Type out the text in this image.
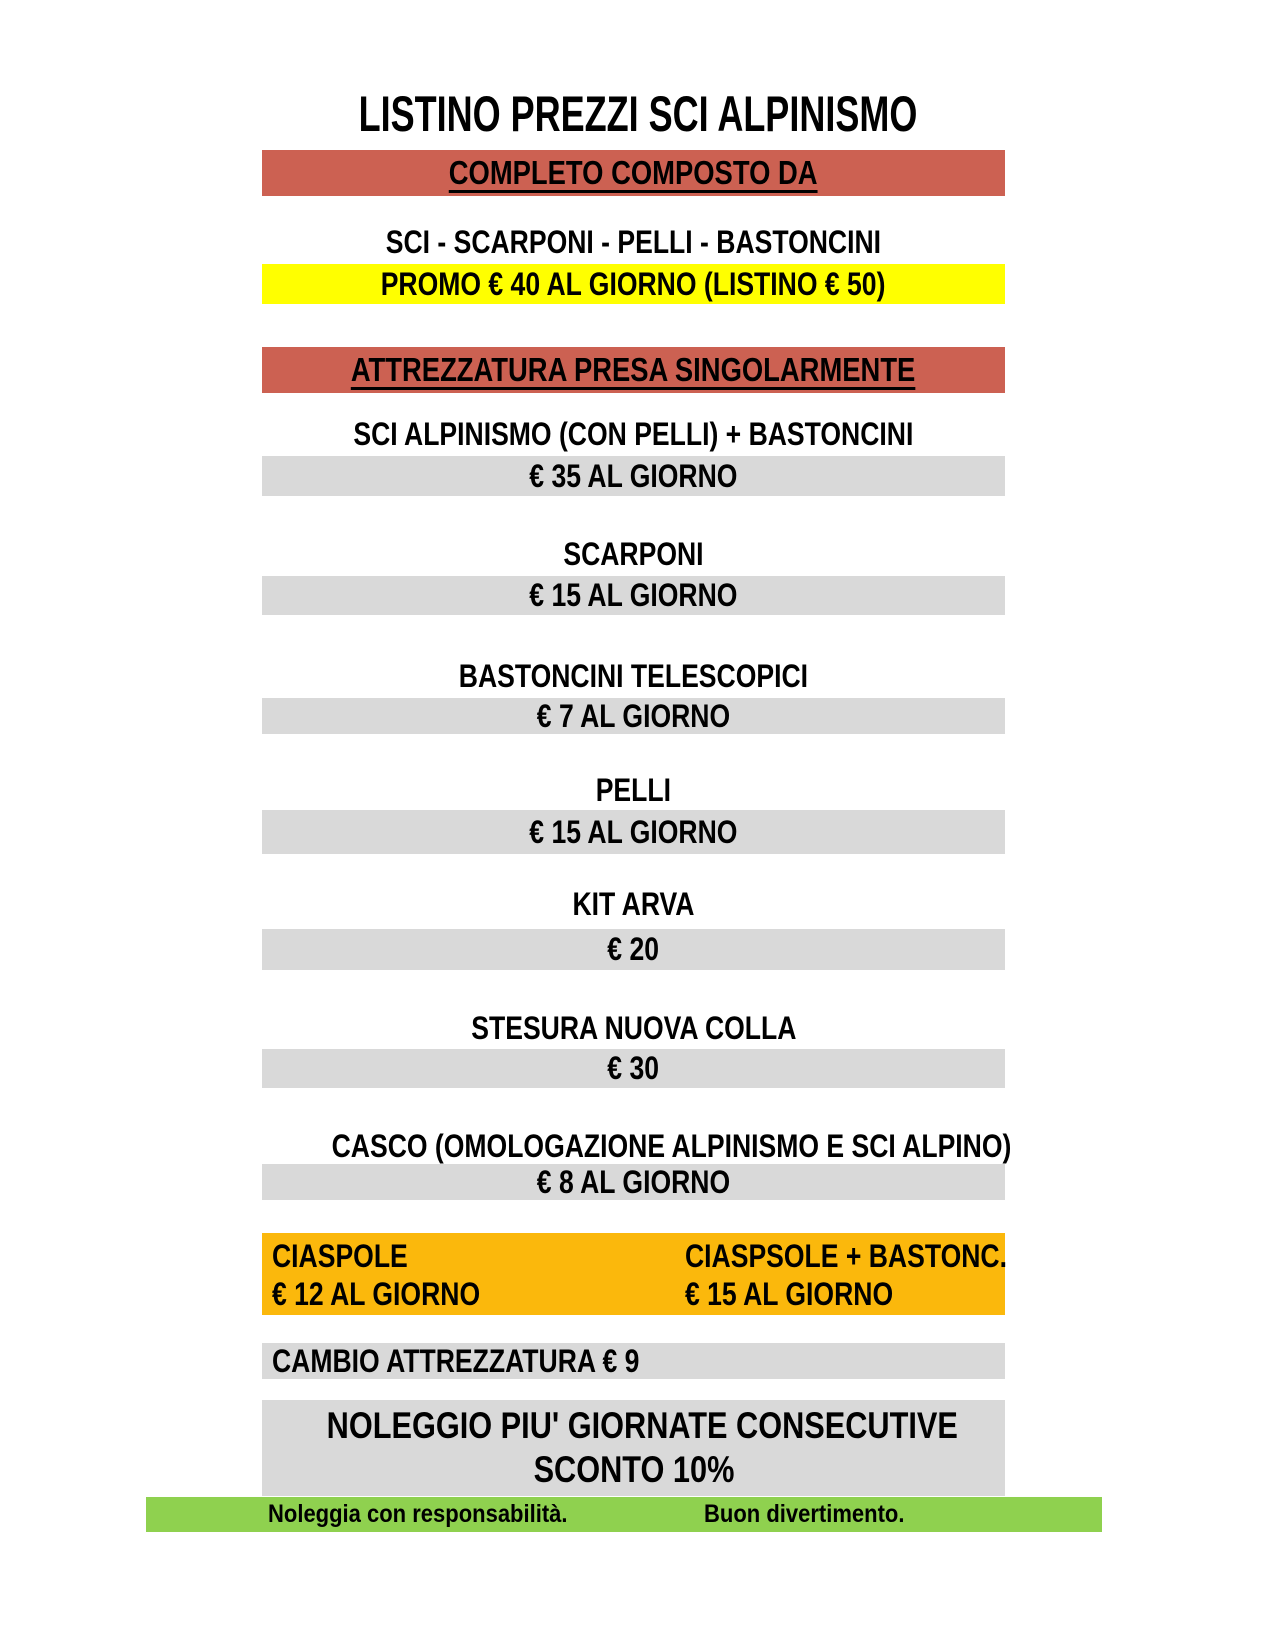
LISTINO PREZZI SCI ALPINISMO
COMPLETO COMPOSTO DA
SCI - SCARPONI - PELLI - BASTONCINI
PROMO € 40 AL GIORNO (LISTINO € 50)
ATTREZZATURA PRESA SINGOLARMENTE
SCI ALPINISMO (CON PELLI) + BASTONCINI
€ 35 AL GIORNO
SCARPONI
€ 15 AL GIORNO
BASTONCINI TELESCOPICI
€ 7 AL GIORNO
PELLI
€ 15 AL GIORNO
KIT ARVA
€ 20
STESURA NUOVA COLLA
€ 30
CASCO (OMOLOGAZIONE ALPINISMO E SCI ALPINO)
€ 8 AL GIORNO
CIASPOLE
€ 12 AL GIORNO
CIASPSOLE + BASTONC.
€ 15 AL GIORNO
CAMBIO ATTREZZATURA € 9
NOLEGGIO PIU' GIORNATE CONSECUTIVE
SCONTO 10%
Noleggia con responsabilità.	Buon divertimento.
